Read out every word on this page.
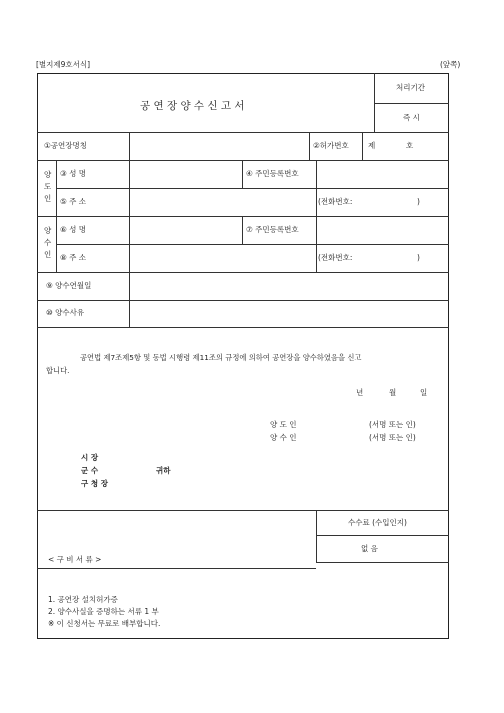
[별지제9호서식]	(앞쪽)
공 연 장 양 수 신 고 서
처리기간
즉 시
①공연장명칭	②허가번호	제	호
양
도
인
③ 성 명	④ 주민등록번호
⑤ 주 소	(전화번호:	)
양
수
인
⑥ 성 명	⑦ 주민등록번호
⑧ 주 소	(전화번호:	)
⑨ 양수연월일
⑩ 양수사유
공연법 제7조제5항 및 동법 시행령 제11조의 규정에 의하여 공연장을 양수하였음을 신고
합니다.
년	월	일
양 도 인	(서명 또는 인)
양 수 인	(서명 또는 인)
시 장
군 수	귀하
구 청 장
수수료 (수입인지)
없 음
< 구 비 서 류 >
1. 공연장 설치허가증
2. 양수사실을 증명하는 서류 1 부
※ 이 신청서는 무료로 배부합니다.
